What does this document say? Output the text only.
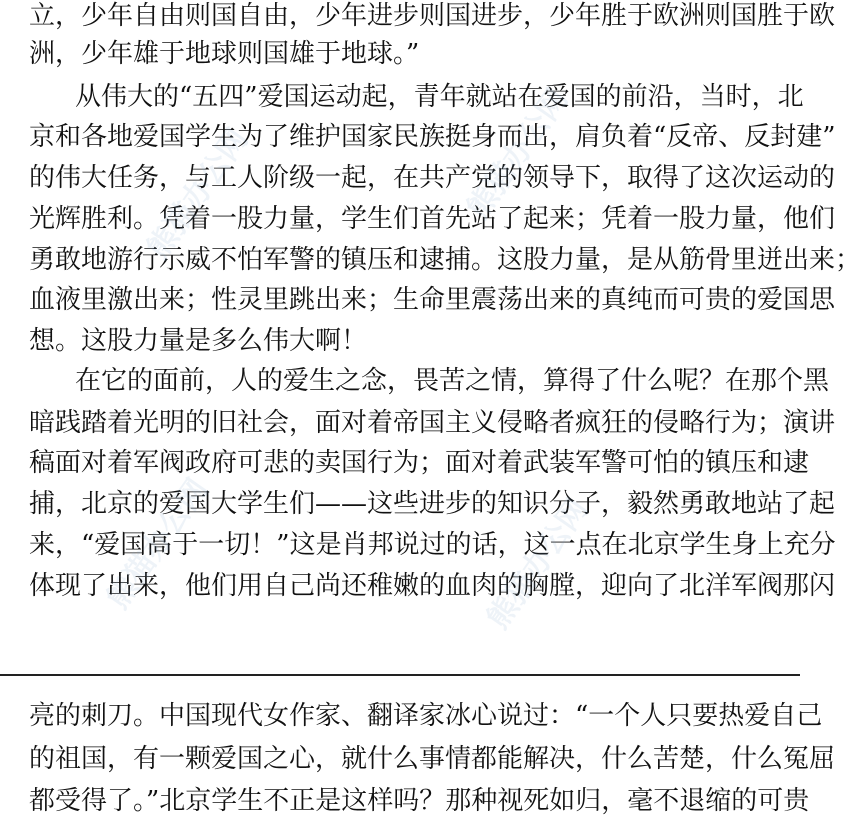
立，少年自由则国自由，少年进步则国进步，少年胜于欧洲则国胜于欧
洲，少年雄于地球则国雄于地球。”
从伟大的“五四”爱国运动起，青年就站在爱国的前沿，当时，北
京和各地爱国学生为了维护国家民族挺身而出，肩负着“反帝、反封建”
的伟大任务，与工人阶级一起，在共产党的领导下，取得了这次运动的
光辉胜利。凭着一股力量，学生们首先站了起来；凭着一股力量，他们
勇敢地游行示威不怕军警的镇压和逮捕。这股力量，是从筋骨里迸出来；
血液里激出来；性灵里跳出来；生命里震荡出来的真纯而可贵的爱国思
想。这股力量是多么伟大啊！
在它的面前，人的爱生之念，畏苦之情，算得了什么呢？在那个黑
暗践踏着光明的旧社会，面对着帝国主义侵略者疯狂的侵略行为；演讲
稿面对着军阀政府可悲的卖国行为；面对着武装军警可怕的镇压和逮
捕，北京的爱国大学生们——这些进步的知识分子，毅然勇敢地站了起
来，“爱国高于一切！”这是肖邦说过的话，这一点在北京学生身上充分
体现了出来，他们用自己尚还稚嫩的血肉的胸膛，迎向了北洋军阀那闪
熊猫办公网	熊猫办公网
熊猫办公网	熊猫办公网
亮的刺刀。中国现代女作家、翻译家冰心说过：“一个人只要热爱自己
的祖国，有一颗爱国之心，就什么事情都能解决，什么苦楚，什么冤屈
都受得了。”北京学生不正是这样吗？那种视死如归，毫不退缩的可贵
